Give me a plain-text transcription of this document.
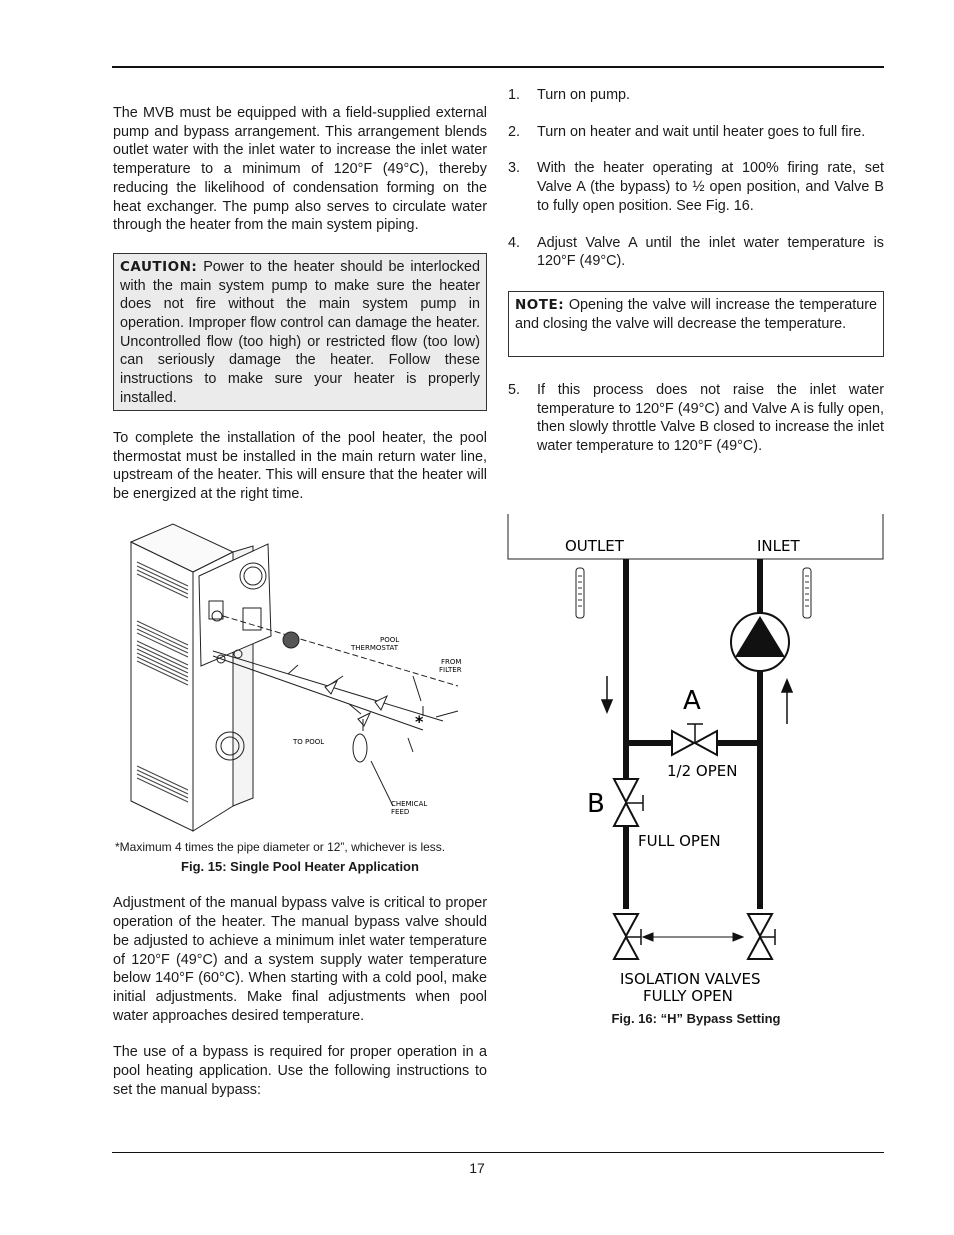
The MVB must be equipped with a field-supplied external pump and bypass arrangement. This arrangement blends outlet water with the inlet water to increase the inlet water temperature to a minimum of 120°F (49°C), thereby reducing the likelihood of condensation forming on the heat exchanger. The pump also serves to circulate water through the heater from the main system piping.

CAUTION: Power to the heater should be interlocked with the main system pump to make sure the heater does not fire without the main system pump in operation. Improper flow control can damage the heater. Uncontrolled flow (too high) or restricted flow (too low) can seriously damage the heater. Follow these instructions to make sure your heater is properly installed.

To complete the installation of the pool heater, the pool thermostat must be installed in the main return water line, upstream of the heater. This will ensure that the heater will be energized at the right time.

POOL
THERMOSTAT
FROM
FILTER
TO POOL
CHEMICAL
FEED
*
*Maximum 4 times the pipe diameter or 12”, whichever is less.
Fig. 15: Single Pool Heater Application

Adjustment of the manual bypass valve is critical to proper operation of the heater. The manual bypass valve should be adjusted to achieve a minimum inlet water temperature of 120°F (49°C) and a system supply water temperature below 140°F (60°C). When starting with a cold pool, make initial adjustments. Make final adjustments when pool water approaches desired temperature.

The use of a bypass is required for proper operation in a pool heating application. Use the following instructions to set the manual bypass:

1. Turn on pump.
2. Turn on heater and wait until heater goes to full fire.
3. With the heater operating at 100% firing rate, set Valve A (the bypass) to ½ open position, and Valve B to fully open position. See Fig. 16.
4. Adjust Valve A until the inlet water temperature is 120°F (49°C).
NOTE: Opening the valve will increase the temperature and closing the valve will decrease the temperature.
5. If this process does not raise the inlet water temperature to 120°F (49°C) and Valve A is fully open, then slowly throttle Valve B closed to increase the inlet water temperature to 120°F (49°C).
OUTLET	INLET
A
1/2 OPEN
B
FULL OPEN
ISOLATION VALVES
FULLY OPEN
Fig. 16: “H” Bypass Setting
17
